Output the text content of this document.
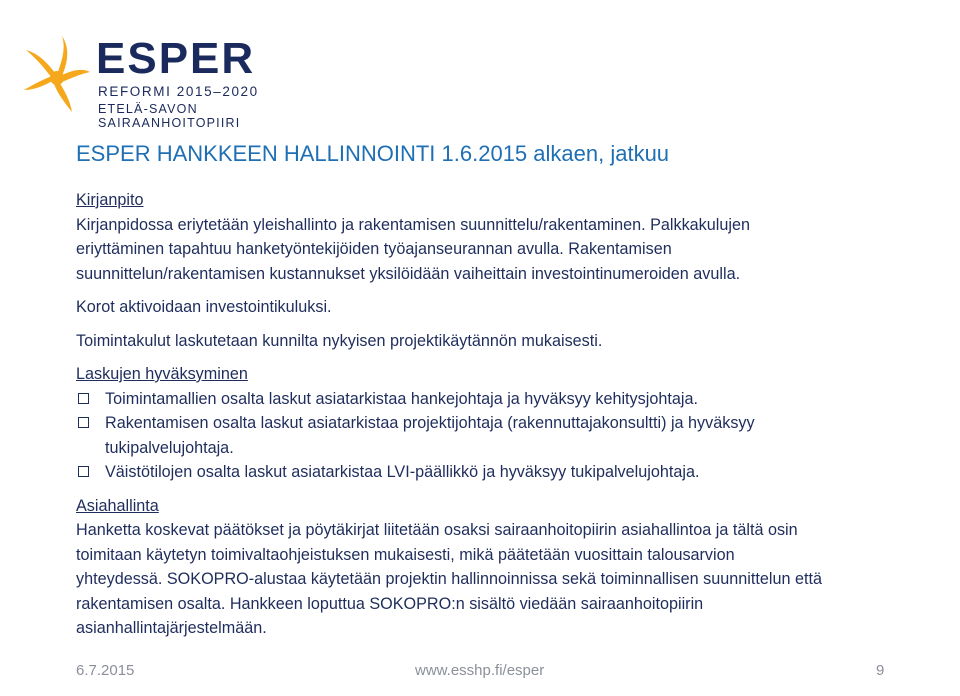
ESPER
REFORMI 2015–2020
ETELÄ-SAVON SAIRAANHOITOPIIRI
ESPER HANKKEEN HALLINNOINTI 1.6.2015 alkaen, jatkuu
Kirjanpito
Kirjanpidossa eriytetään yleishallinto ja rakentamisen suunnittelu/rakentaminen. Palkkakulujen
eriyttäminen tapahtuu hanketyöntekijöiden työajanseurannan avulla. Rakentamisen
suunnittelun/rakentamisen kustannukset yksilöidään vaiheittain investointinumeroiden avulla.
Korot aktivoidaan investointikuluksi.
Toimintakulut laskutetaan kunnilta nykyisen projektikäytännön mukaisesti.
Laskujen hyväksyminen
Toimintamallien osalta laskut asiatarkistaa hankejohtaja ja hyväksyy kehitysjohtaja.
Rakentamisen osalta laskut asiatarkistaa projektijohtaja (rakennuttajakonsultti) ja hyväksyy
tukipalvelujohtaja.
Väistötilojen osalta laskut asiatarkistaa LVI-päällikkö ja hyväksyy tukipalvelujohtaja.
Asiahallinta
Hanketta koskevat päätökset ja pöytäkirjat liitetään osaksi sairaanhoitopiirin asiahallintoa ja tältä osin
toimitaan käytetyn toimivaltaohjeistuksen mukaisesti, mikä päätetään vuosittain talousarvion
yhteydessä. SOKOPRO-alustaa käytetään projektin hallinnoinnissa sekä toiminnallisen suunnittelun että
rakentamisen osalta. Hankkeen loputtua SOKOPRO:n sisältö viedään sairaanhoitopiirin
asianhallintajärjestelmään.
6.7.2015	www.esshp.fi/esper	9
